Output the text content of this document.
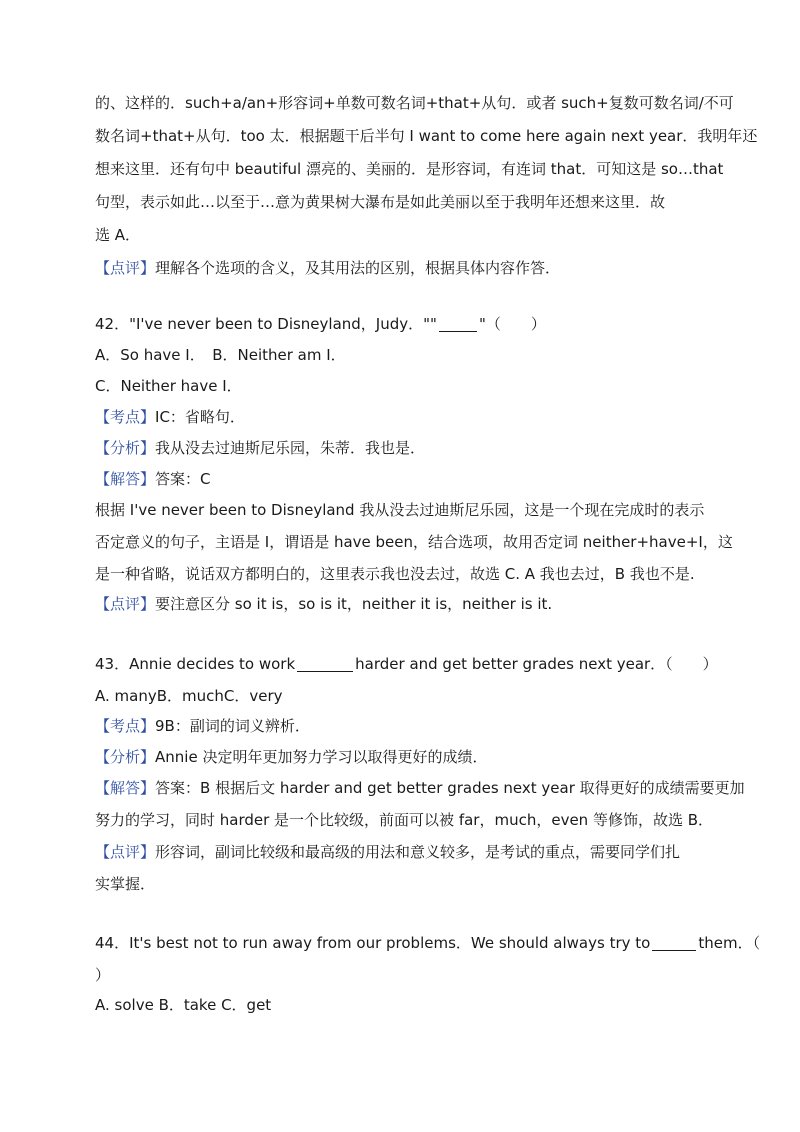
的、这样的．such+a/an+形容词+单数可数名词+that+从句．或者 such+复数可数名词/不可
数名词+that+从句．too 太．根据题干后半句 I want to come here again next year．我明年还
想来这里．还有句中 beautiful 漂亮的、美丽的．是形容词，有连词 that．可知这是 so…that
句型，表示如此…以至于…意为黄果树大瀑布是如此美丽以至于我明年还想来这里．故
选 A．
【点评】理解各个选项的含义，及其用法的区别，根据具体内容作答．
42．"I've never been to Disneyland，Judy．""	"（　　）
A．So have I．　B．Neither am I．
C．Neither have I．
【考点】IC：省略句．
【分析】我从没去过迪斯尼乐园，朱蒂．我也是．
【解答】答案：C
根据 I've never been to Disneyland 我从没去过迪斯尼乐园，这是一个现在完成时的表示
否定意义的句子，主语是 I，谓语是 have been，结合选项，故用否定词 neither+have+I，这
是一种省略，说话双方都明白的，这里表示我也没去过，故选 C. A 我也去过，B 我也不是.
【点评】要注意区分 so it is，so is it，neither it is，neither is it.
43．Annie decides to work	harder and get better grades next year．（　　）
A. manyB．muchC．very
【考点】9B：副词的词义辨析．
【分析】Annie 决定明年更加努力学习以取得更好的成绩．
【解答】答案：B 根据后文 harder and get better grades next year 取得更好的成绩需要更加
努力的学习，同时 harder 是一个比较级，前面可以被 far，much，even 等修饰，故选 B．
【点评】形容词，副词比较级和最高级的用法和意义较多，是考试的重点，需要同学们扎
实掌握．
44．It's best not to run away from our problems．We should always try to	them．（
）
A. solve B．take C．get
